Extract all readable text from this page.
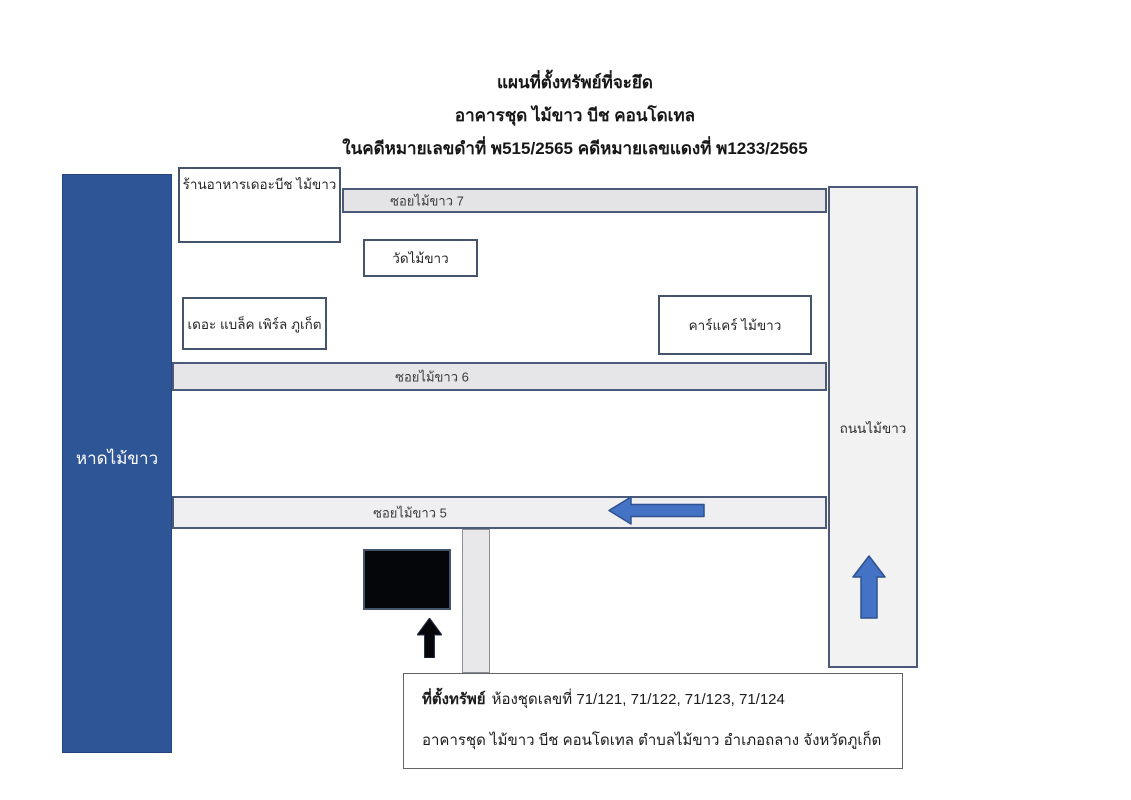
แผนที่ตั้งทรัพย์ที่จะยึด
อาคารชุด ไม้ขาว บีช คอนโดเทล
ในคดีหมายเลขดำที่ พ515/2565 คดีหมายเลขแดงที่ พ1233/2565
หาดไม้ขาว
ซอยไม้ขาว 7
ซอยไม้ขาว 6
ซอยไม้ขาว 5
ถนนไม้ขาว
ร้านอาหารเดอะบีช ไม้ขาว
วัดไม้ขาว
เดอะ แบล็ค เพิร์ล ภูเก็ต	คาร์แคร์ ไม้ขาว

ที่ตั้งทรัพย์ ห้องชุดเลขที่ 71/121, 71/122, 71/123, 71/124

อาคารชุด ไม้ขาว บีช คอนโดเทล ตำบลไม้ขาว อำเภอถลาง จังหวัดภูเก็ต
